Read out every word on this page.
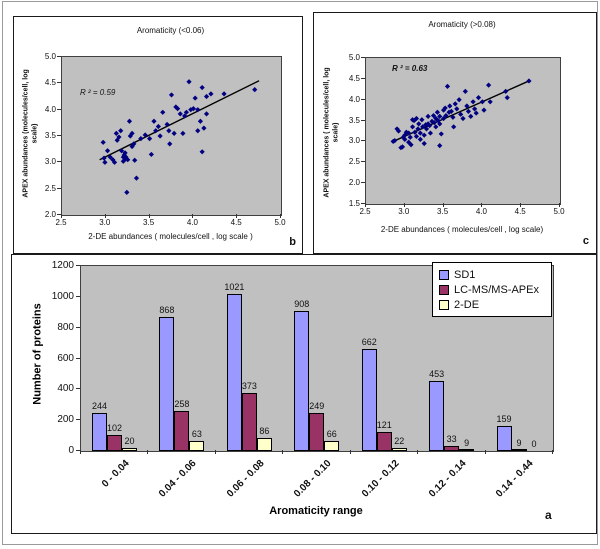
Aromaticity (<0.06)
APEX abundances (molecules/cell, log scale)
R ² = 0.59
2-DE abundances ( molecules/cell , log scale )	b
5.0
4.5
4.0
3.5
3.0
2.5
2.0
2.5	3.0	3.5	4.0	4.5	5.0
Aromaticity (>0.08)
APEX abundances ( molecules/cell, log scale)
R ² = 0.63
2-DE abundances ( molecules/cell , log scale)
c
5.0
4.5
4.0
3.5
3.0
2.5
2.0
1.5
2.5	3.0	3.5	4.0	4.5	5.0
Number of proteins
244
868
1021
908
662
453
159
102
258
373
249
121
33	9
20
63	86	66
22	9	0
SD1
LC-MS/MS-APEx
2-DE
Aromaticity range	a
1200
1000
800
600
400
200
0
0 - 0.04	0.04 - 0.06	0.06 - 0.08	0.08 - 0.10	0.10 - 0.12	0.12 - 0.14	0.14 - 0.44
